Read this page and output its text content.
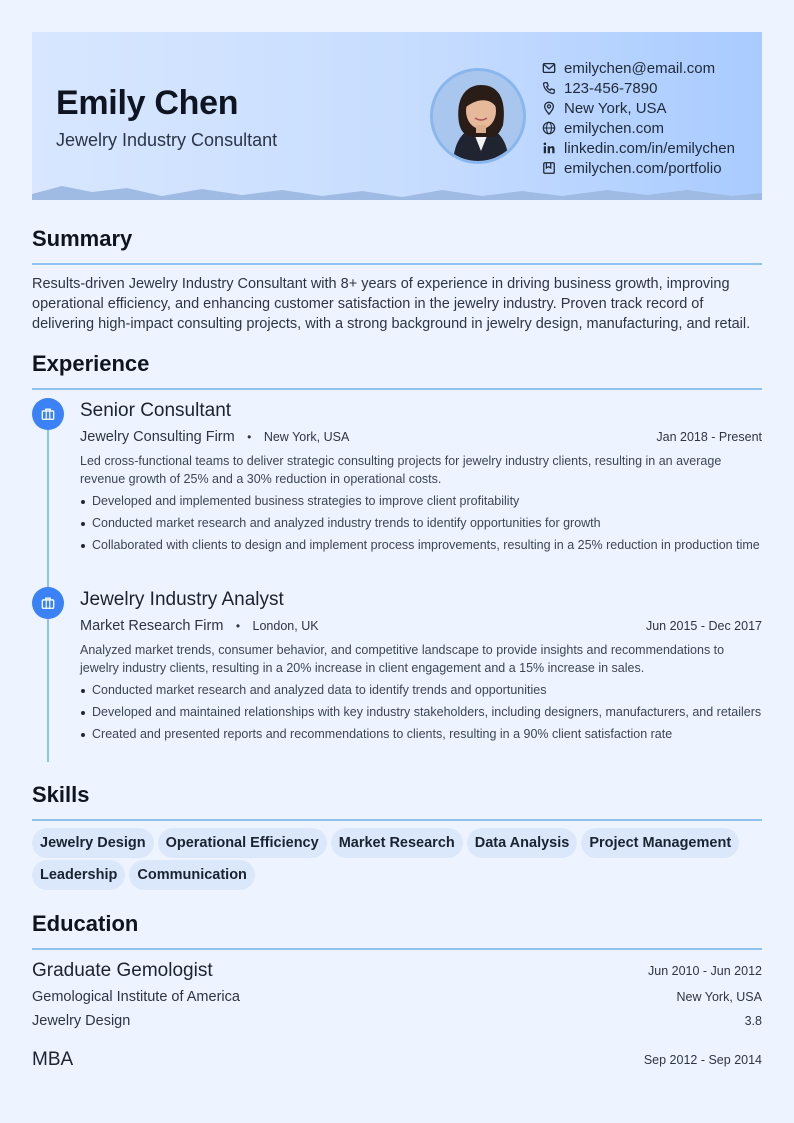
Emily Chen
Jewelry Industry Consultant
emilychen@email.com
123-456-7890
New York, USA
emilychen.com
linkedin.com/in/emilychen
emilychen.com/portfolio
Summary
Results-driven Jewelry Industry Consultant with 8+ years of experience in driving business growth, improving operational efficiency, and enhancing customer satisfaction in the jewelry industry. Proven track record of delivering high-impact consulting projects, with a strong background in jewelry design, manufacturing, and retail.
Experience
Senior Consultant
Jewelry Consulting Firm • New York, USA	Jan 2018 - Present
Led cross-functional teams to deliver strategic consulting projects for jewelry industry clients, resulting in an average revenue growth of 25% and a 30% reduction in operational costs.
Developed and implemented business strategies to improve client profitability
Conducted market research and analyzed industry trends to identify opportunities for growth
Collaborated with clients to design and implement process improvements, resulting in a 25% reduction in production time
Jewelry Industry Analyst
Market Research Firm • London, UK	Jun 2015 - Dec 2017
Analyzed market trends, consumer behavior, and competitive landscape to provide insights and recommendations to jewelry industry clients, resulting in a 20% increase in client engagement and a 15% increase in sales.
Conducted market research and analyzed data to identify trends and opportunities
Developed and maintained relationships with key industry stakeholders, including designers, manufacturers, and retailers
Created and presented reports and recommendations to clients, resulting in a 90% client satisfaction rate
Skills
Jewelry Design Operational Efficiency Market Research Data Analysis Project ManagementLeadership Communication
Education
Graduate Gemologist	Jun 2010 - Jun 2012
Gemological Institute of America	New York, USA
Jewelry Design	3.8
MBA	Sep 2012 - Sep 2014
